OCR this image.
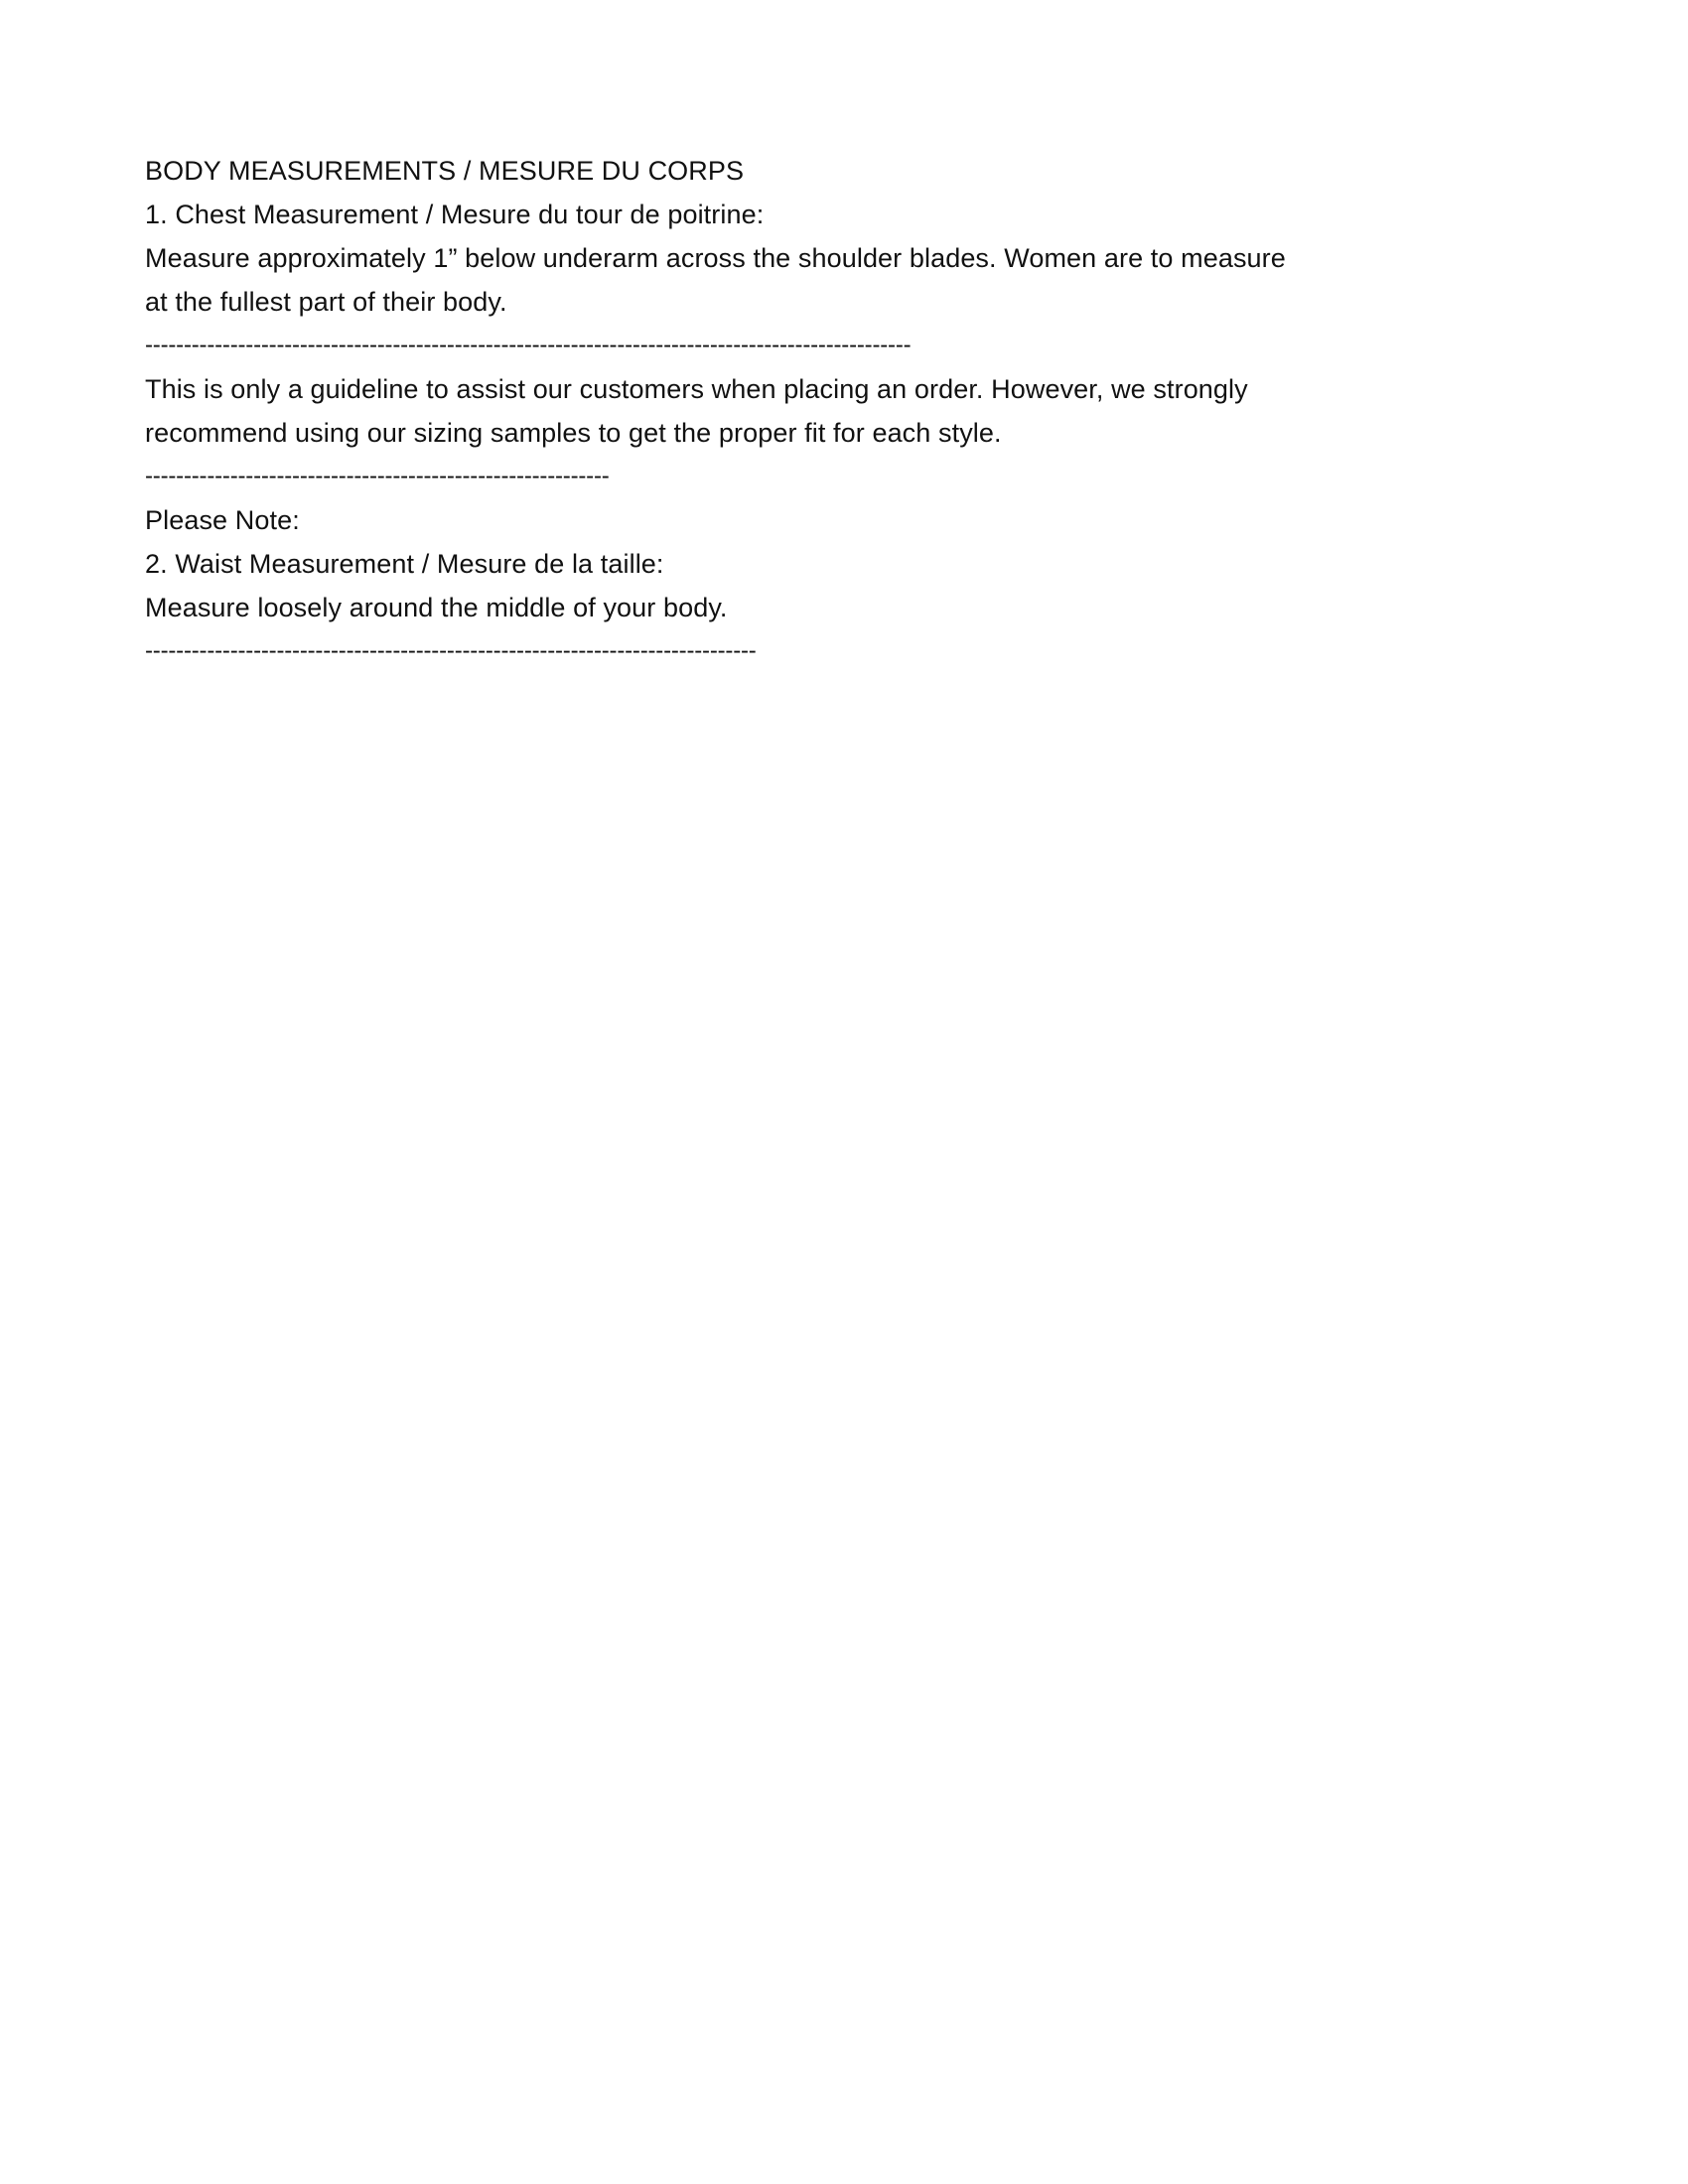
BODY MEASUREMENTS / MESURE DU CORPS
1. Chest Measurement / Mesure du tour de poitrine:
Measure approximately 1” below underarm across the shoulder blades. Women are to measure at the fullest part of their body.
---------------------------------------------------------------------------------------------------
This is only a guideline to assist our customers when placing an order. However, we strongly recommend using our sizing samples to get the proper fit for each style.
------------------------------------------------------------
Please Note:
2. Waist Measurement / Mesure de la taille:
Measure loosely around the middle of your body.
-------------------------------------------------------------------------------
